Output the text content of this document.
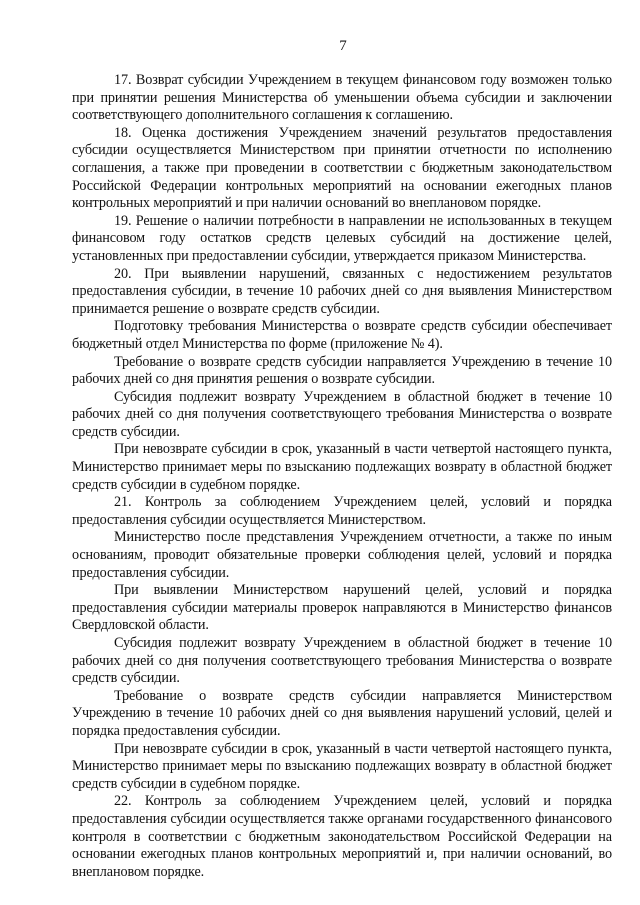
7

17. Возврат субсидии Учреждением в текущем финансовом году возможен только при принятии решения Министерства об уменьшении объема субсидии и заключении соответствующего дополнительного соглашения к соглашению.

18. Оценка достижения Учреждением значений результатов предоставления субсидии осуществляется Министерством при принятии отчетности по исполнению соглашения, а также при проведении в соответствии с бюджетным законодательством Российской Федерации контрольных мероприятий на основании ежегодных планов контрольных мероприятий и при наличии оснований во внеплановом порядке.

19. Решение о наличии потребности в направлении не использованных в текущем финансовом году остатков средств целевых субсидий на достижение целей, установленных при предоставлении субсидии, утверждается приказом Министерства.

20. При выявлении нарушений, связанных с недостижением результатов предоставления субсидии, в течение 10 рабочих дней со дня выявления Министерством принимается решение о возврате средств субсидии.

Подготовку требования Министерства о возврате средств субсидии обеспечивает бюджетный отдел Министерства по форме (приложение № 4).

Требование о возврате средств субсидии направляется Учреждению в течение 10 рабочих дней со дня принятия решения о возврате субсидии.

Субсидия подлежит возврату Учреждением в областной бюджет в течение 10 рабочих дней со дня получения соответствующего требования Министерства о возврате средств субсидии.

При невозврате субсидии в срок, указанный в части четвертой настоящего пункта, Министерство принимает меры по взысканию подлежащих возврату в областной бюджет средств субсидии в судебном порядке.

21. Контроль за соблюдением Учреждением целей, условий и порядка предоставления субсидии осуществляется Министерством.

Министерство после представления Учреждением отчетности, а также по иным основаниям, проводит обязательные проверки соблюдения целей, условий и порядка предоставления субсидии.

При выявлении Министерством нарушений целей, условий и порядка предоставления субсидии материалы проверок направляются в Министерство финансов Свердловской области.

Субсидия подлежит возврату Учреждением в областной бюджет в течение 10 рабочих дней со дня получения соответствующего требования Министерства о возврате средств субсидии.

Требование о возврате средств субсидии направляется Министерством Учреждению в течение 10 рабочих дней со дня выявления нарушений условий, целей и порядка предоставления субсидии.

При невозврате субсидии в срок, указанный в части четвертой настоящего пункта, Министерство принимает меры по взысканию подлежащих возврату в областной бюджет средств субсидии в судебном порядке.

22. Контроль за соблюдением Учреждением целей, условий и порядка предоставления субсидии осуществляется также органами государственного финансового контроля в соответствии с бюджетным законодательством Российской Федерации на основании ежегодных планов контрольных мероприятий и, при наличии оснований, во внеплановом порядке.
